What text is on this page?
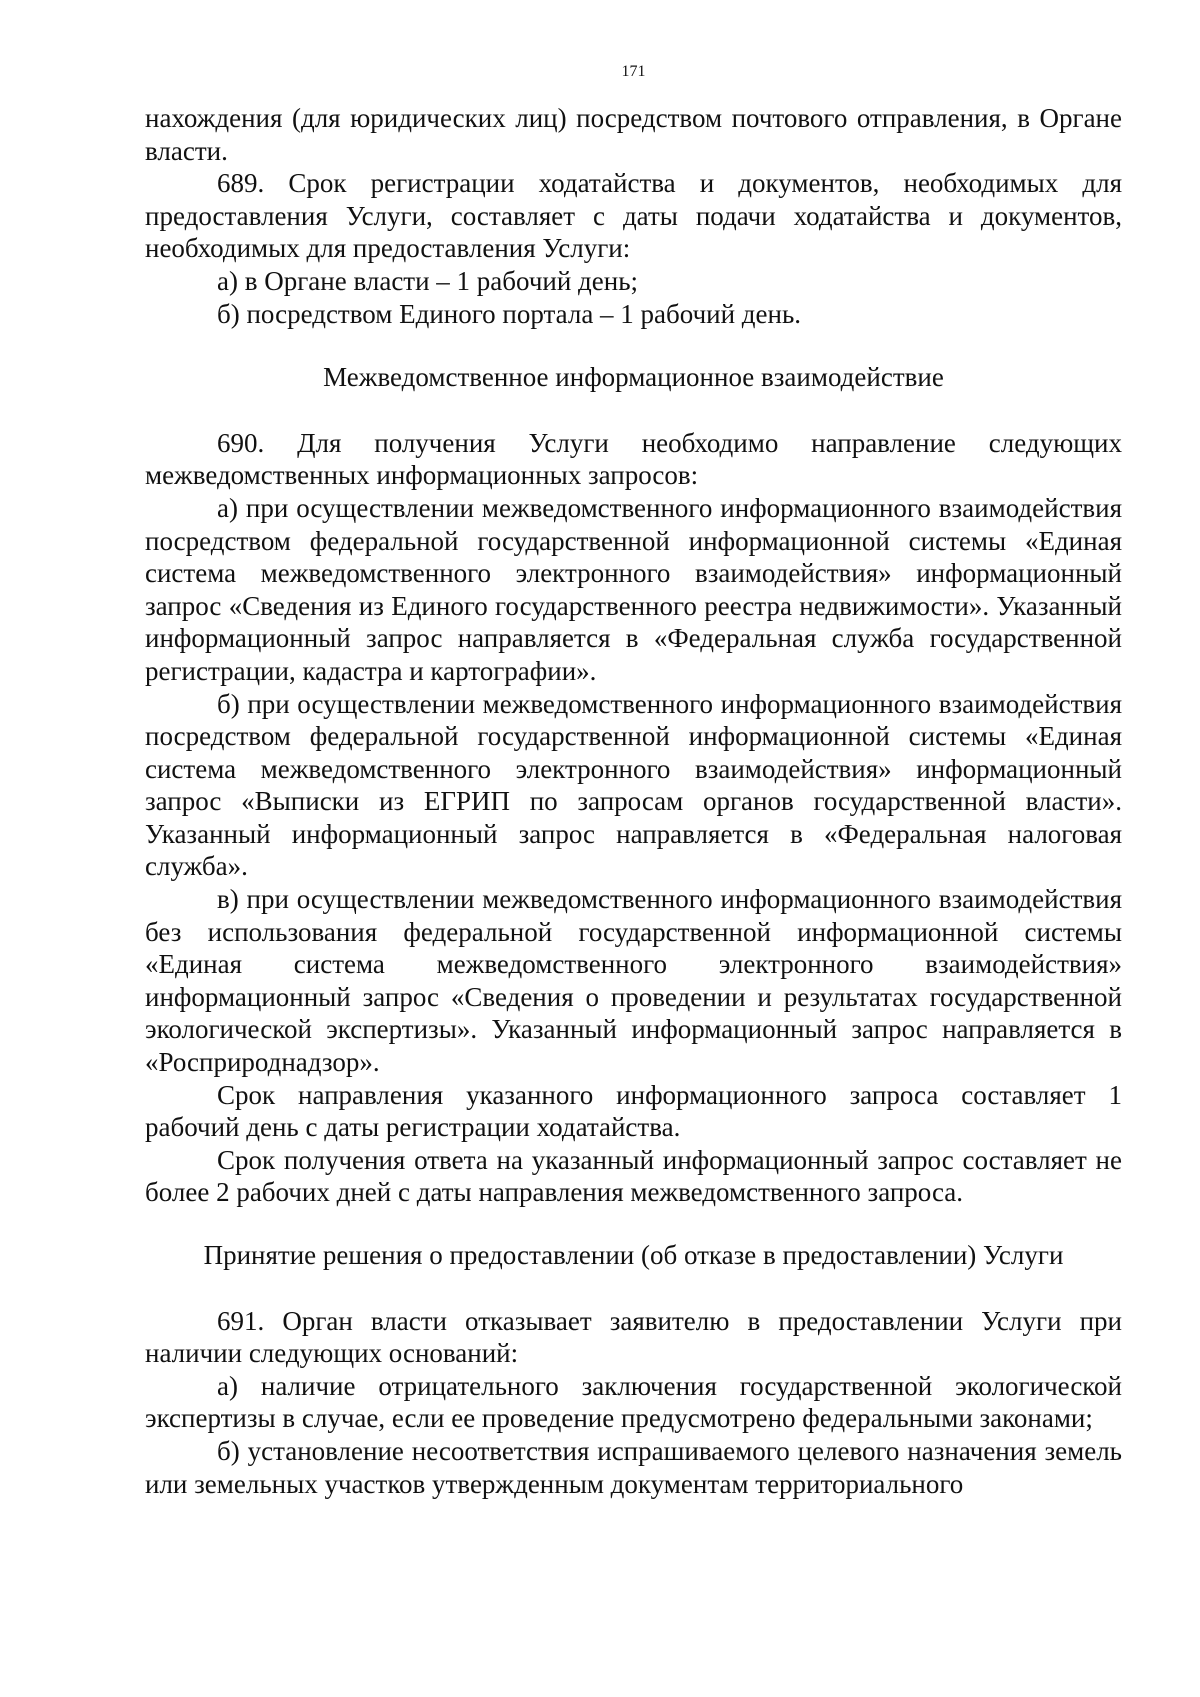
171

нахождения (для юридических лиц) посредством почтового отправления, в Органе власти.

689. Срок регистрации ходатайства и документов, необходимых для предоставления Услуги, составляет с даты подачи ходатайства и документов, необходимых для предоставления Услуги:

а) в Органе власти – 1 рабочий день;

б) посредством Единого портала – 1 рабочий день.

Межведомственное информационное взаимодействие

690. Для получения Услуги необходимо направление следующих межведомственных информационных запросов:

а) при осуществлении межведомственного информационного взаимодействия посредством федеральной государственной информационной системы «Единая система межведомственного электронного взаимодействия» информационный запрос «Сведения из Единого государственного реестра недвижимости». Указанный информационный запрос направляется в «Федеральная служба государственной регистрации, кадастра и картографии».

б) при осуществлении межведомственного информационного взаимодействия посредством федеральной государственной информационной системы «Единая система межведомственного электронного взаимодействия» информационный запрос «Выписки из ЕГРИП по запросам органов государственной власти». Указанный информационный запрос направляется в «Федеральная налоговая служба».

в) при осуществлении межведомственного информационного взаимодействия без использования федеральной государственной информационной системы «Единая система межведомственного электронного взаимодействия» информационный запрос «Сведения о проведении и результатах государственной экологической экспертизы». Указанный информационный запрос направляется в «Росприроднадзор».

Срок направления указанного информационного запроса составляет 1 рабочий день с даты регистрации ходатайства.

Срок получения ответа на указанный информационный запрос составляет не более 2 рабочих дней с даты направления межведомственного запроса.

Принятие решения о предоставлении (об отказе в предоставлении) Услуги

691. Орган власти отказывает заявителю в предоставлении Услуги при наличии следующих оснований:

а) наличие отрицательного заключения государственной экологической экспертизы в случае, если ее проведение предусмотрено федеральными законами;

б) установление несоответствия испрашиваемого целевого назначения земель или земельных участков утвержденным документам территориального
